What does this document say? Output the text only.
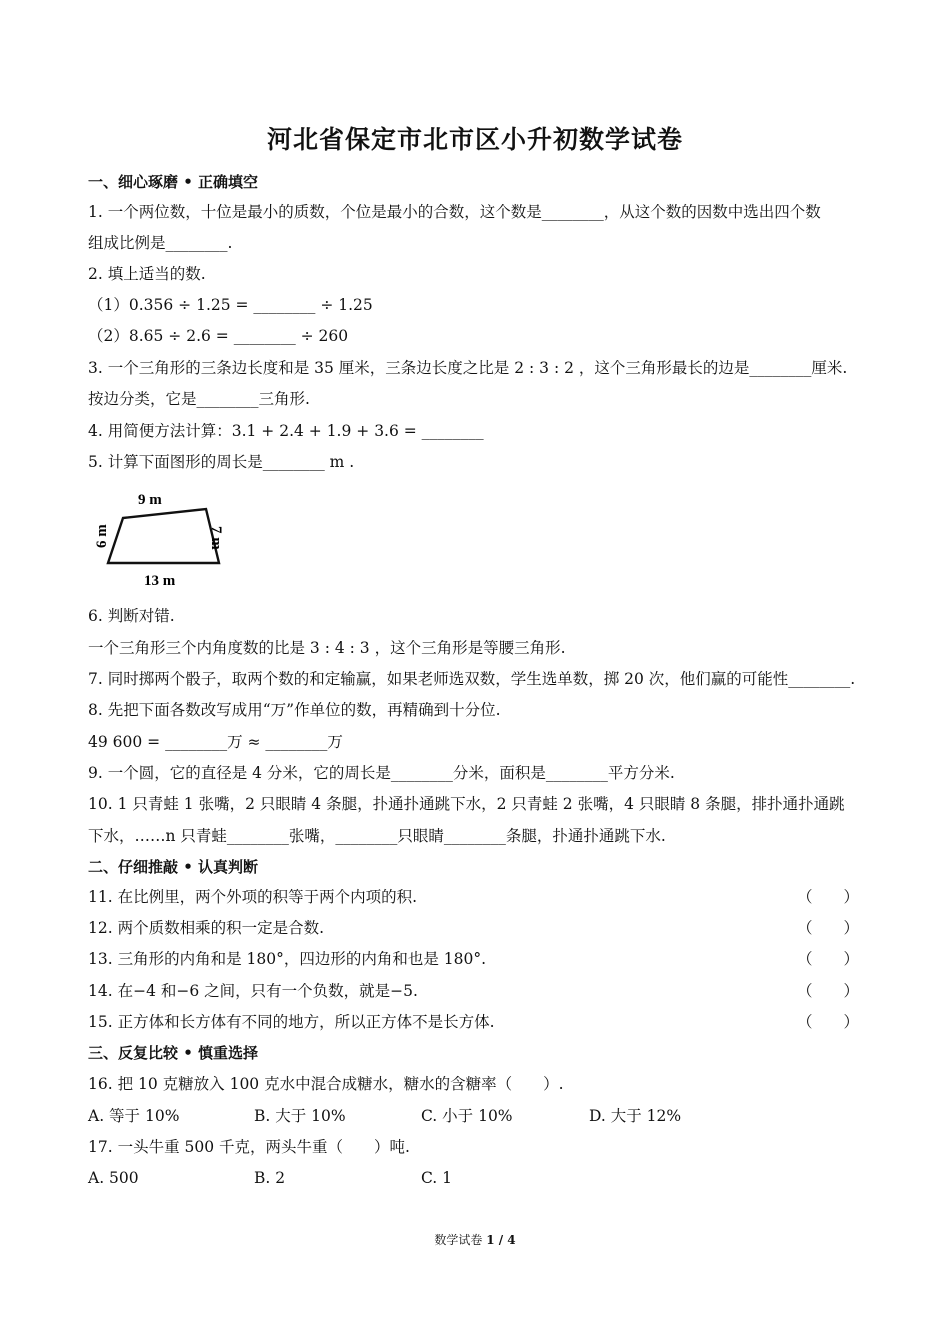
河北省保定市北市区小升初数学试卷
一、细心琢磨 • 正确填空
1. 一个两位数，十位是最小的质数，个位是最小的合数，这个数是________，从这个数的因数中选出四个数
组成比例是________.
2. 填上适当的数.
（1）0.356 ÷ 1.25 = ________ ÷ 1.25
（2）8.65 ÷ 2.6 = ________ ÷ 260
3. 一个三角形的三条边长度和是 35 厘米，三条边长度之比是 2 : 3 : 2 ，这个三角形最长的边是________厘米.
按边分类，它是________三角形.
4. 用简便方法计算：3.1 + 2.4 + 1.9 + 3.6 = ________
5. 计算下面图形的周长是________ m .
9 m
7 m
6 m
13 m
6. 判断对错.
一个三角形三个内角度数的比是 3 : 4 : 3 ，这个三角形是等腰三角形.
7. 同时掷两个骰子，取两个数的和定输赢，如果老师选双数，学生选单数，掷 20 次，他们赢的可能性________.
8. 先把下面各数改写成用“万”作单位的数，再精确到十分位.
49 600 = ________万 ≈ ________万
9. 一个圆，它的直径是 4 分米，它的周长是________分米，面积是________平方分米.
10. 1 只青蛙 1 张嘴，2 只眼睛 4 条腿，扑通扑通跳下水，2 只青蛙 2 张嘴，4 只眼睛 8 条腿，排扑通扑通跳
下水，……n 只青蛙________张嘴，________只眼睛________条腿，扑通扑通跳下水.
二、仔细推敲 • 认真判断
11. 在比例里，两个外项的积等于两个内项的积.	（　　）
12. 两个质数相乘的积一定是合数.	（　　）
13. 三角形的内角和是 180°，四边形的内角和也是 180°.	（　　）
14. 在−4 和−6 之间，只有一个负数，就是−5.	（　　）
15. 正方体和长方体有不同的地方，所以正方体不是长方体.	（　　）
三、反复比较 • 慎重选择
16. 把 10 克糖放入 100 克水中混合成糖水，糖水的含糖率（　　）.
A. 等于 10%	B. 大于 10%	C. 小于 10%	D. 大于 12%
17. 一头牛重 500 千克，两头牛重（　　）吨.
A. 500	B. 2	C. 1
数学试卷 1 / 4
